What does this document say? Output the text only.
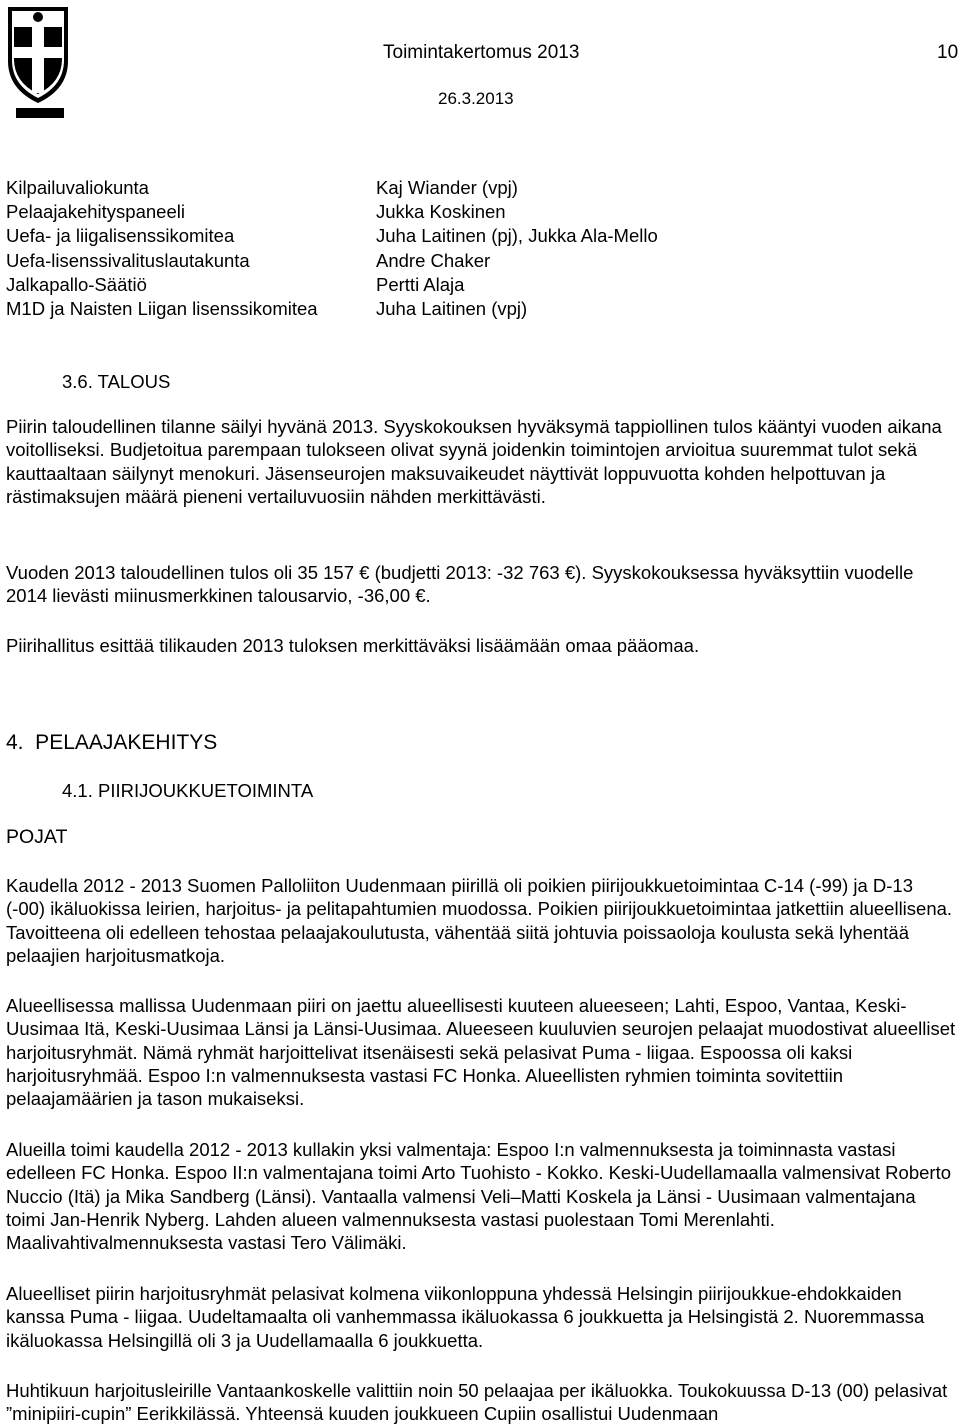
Toimintakertomus 2013	10
26.3.2013
Kilpailuvaliokunta	Kaj Wiander (vpj)
Pelaajakehityspaneeli	Jukka Koskinen
Uefa- ja liigalisenssikomitea	Juha Laitinen (pj), Jukka Ala-Mello
Uefa-lisenssivalituslautakunta	Andre Chaker
Jalkapallo-Säätiö	Pertti Alaja
M1D ja Naisten Liigan lisenssikomitea	Juha Laitinen (vpj)
3.6. TALOUS

Piirin taloudellinen tilanne säilyi hyvänä 2013. Syyskokouksen hyväksymä tappiollinen tulos kääntyi vuoden aikana voitolliseksi. Budjetoitua parempaan tulokseen olivat syynä joidenkin toimintojen arvioitua suuremmat tulot sekä kauttaaltaan säilynyt menokuri. Jäsenseurojen maksuvaikeudet näyttivät loppuvuotta kohden helpottuvan ja rästimaksujen määrä pieneni vertailuvuosiin nähden merkittävästi.

Vuoden 2013 taloudellinen tulos oli 35 157 € (budjetti 2013: -32 763 €). Syyskokouksessa hyväksyttiin vuodelle 2014 lievästi miinusmerkkinen talousarvio, -36,00 €.

Piirihallitus esittää tilikauden 2013 tuloksen merkittäväksi lisäämään omaa pääomaa.

4.  PELAAJAKEHITYS
4.1. PIIRIJOUKKUETOIMINTA
POJAT

Kaudella 2012 - 2013 Suomen Palloliiton Uudenmaan piirillä oli poikien piirijoukkuetoimintaa C-14 (-99) ja D-13 (-00) ikäluokissa leirien, harjoitus- ja pelitapahtumien muodossa. Poikien piirijoukkuetoimintaa jatkettiin alueellisena. Tavoitteena oli edelleen tehostaa pelaajakoulutusta, vähentää siitä johtuvia poissaoloja koulusta sekä lyhentää pelaajien harjoitusmatkoja.

Alueellisessa mallissa Uudenmaan piiri on jaettu alueellisesti kuuteen alueeseen; Lahti, Espoo, Vantaa, Keski-Uusimaa Itä, Keski-Uusimaa Länsi ja Länsi-Uusimaa. Alueeseen kuuluvien seurojen pelaajat muodostivat alueelliset harjoitusryhmät. Nämä ryhmät harjoittelivat itsenäisesti sekä pelasivat Puma - liigaa. Espoossa oli kaksi harjoitusryhmää. Espoo I:n valmennuksesta vastasi FC Honka. Alueellisten ryhmien toiminta sovitettiin pelaajamäärien ja tason mukaiseksi.

Alueilla toimi kaudella 2012 - 2013 kullakin yksi valmentaja: Espoo I:n valmennuksesta ja toiminnasta vastasi edelleen FC Honka. Espoo II:n valmentajana toimi Arto Tuohisto - Kokko. Keski-Uudellamaalla valmensivat Roberto Nuccio (Itä) ja Mika Sandberg (Länsi). Vantaalla valmensi Veli–Matti Koskela ja Länsi - Uusimaan valmentajana toimi Jan-Henrik Nyberg. Lahden alueen valmennuksesta vastasi puolestaan Tomi Merenlahti. Maalivahtivalmennuksesta vastasi Tero Välimäki.

Alueelliset piirin harjoitusryhmät pelasivat kolmena viikonloppuna yhdessä Helsingin piirijoukkue-ehdokkaiden kanssa Puma - liigaa. Uudeltamaalta oli vanhemmassa ikäluokassa 6 joukkuetta ja Helsingistä 2. Nuoremmassa ikäluokassa Helsingillä oli 3 ja Uudellamaalla 6 joukkuetta.

Huhtikuun harjoitusleirille Vantaankoskelle valittiin noin 50 pelaajaa per ikäluokka. Toukokuussa D-13 (00) pelasivat ”minipiiri-cupin” Eerikkilässä. Yhteensä kuuden joukkueen Cupiin osallistui Uudenmaan
